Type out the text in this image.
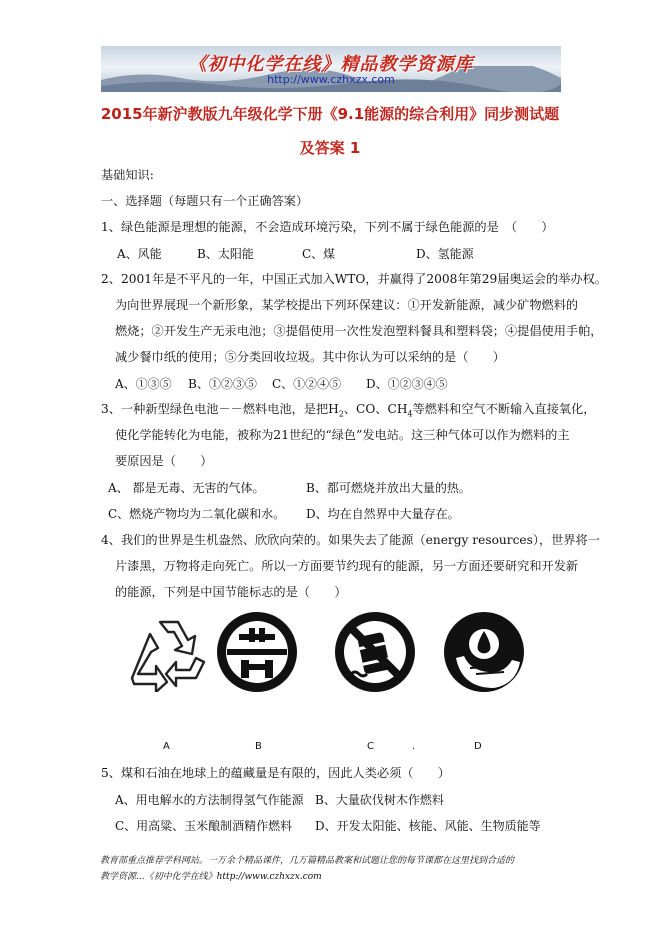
《初中化学在线》精品教学资源库
http://www.czhxzx.com
2015年新沪教版九年级化学下册《9.1能源的综合利用》同步测试题
及答案 1
基础知识:
一、选择题（每题只有一个正确答案）
1、绿色能源是理想的能源，不会造成环境污染，下列不属于绿色能源的是　（　　）
A、风能	B、太阳能	C、煤	D、氢能源
2、2001年是不平凡的一年，中国正式加入WTO，并赢得了2008年第29届奥运会的举办权。
为向世界展现一个新形象，某学校提出下列环保建议：①开发新能源，减少矿物燃料的
燃烧；②开发生产无汞电池；③提倡使用一次性发泡塑料餐具和塑料袋；④提倡使用手帕，
减少餐巾纸的使用；⑤分类回收垃圾。其中你认为可以采纳的是（　　）
A、①③⑤ B、①②③⑤ C、①②④⑤ D、①②③④⑤
3、一种新型绿色电池－－燃料电池，是把$H_2$、CO、$CH_4$等燃料和空气不断输入直接氧化，
使化学能转化为电能，被称为21世纪的“绿色”发电站。这三种气体可以作为燃料的主
要原因是（　　）
A、 都是无毒、无害的气体。	B、都可燃烧并放出大量的热。
C、燃烧产物均为二氧化碳和水。 D、均在自然界中大量存在。
4、我们的世界是生机盎然、欣欣向荣的。如果失去了能源（energy resources），世界将一
片漆黑，万物将走向死亡。所以一方面要节约现有的能源，另一方面还要研究和开发新
的能源，下列是中国节能标志的是（　　）
A	B	C	.	D
5、煤和石油在地球上的蕴藏量是有限的，因此人类必须（　　）
A、用电解水的方法制得氢气作能源 B、大量砍伐树木作燃料
C、用高粱、玉米酿制酒精作燃料 D、开发太阳能、核能、风能、生物质能等
教育部重点推荐学科网站。一万余个精品课件，几万篇精品教案和试题让您的每节课都在这里找到合适的
教学资源...《初中化学在线》http://www.czhxzx.com
